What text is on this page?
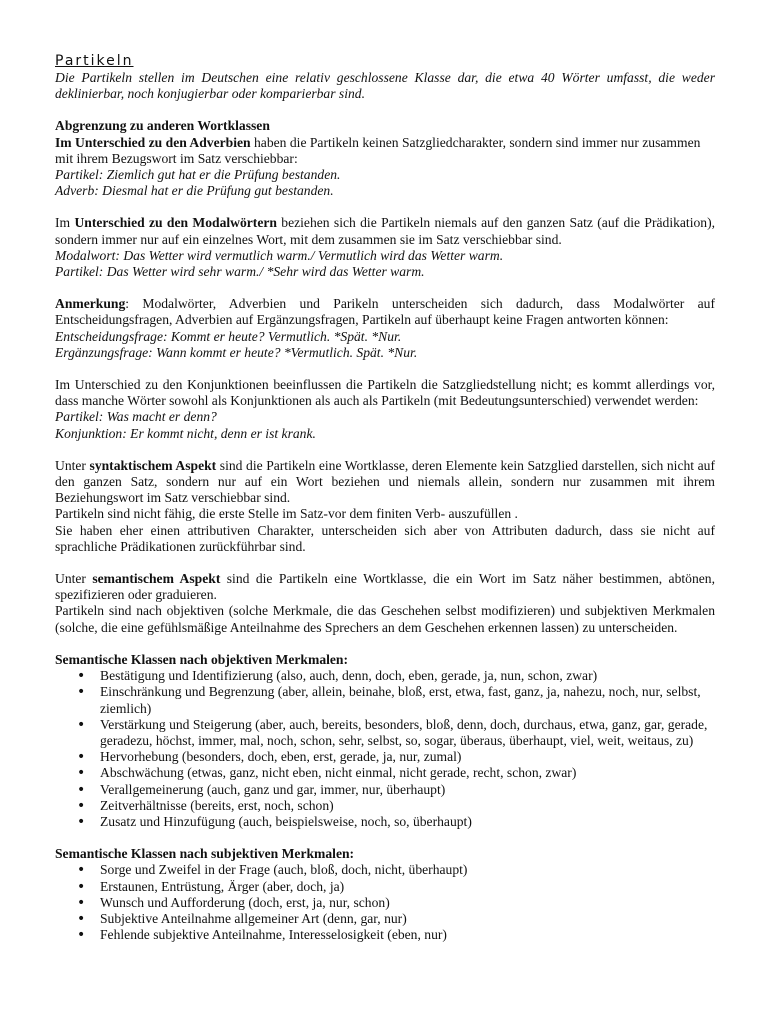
Partikeln

Die Partikeln stellen im Deutschen eine relativ geschlossene Klasse dar, die etwa 40 Wörter umfasst, die weder deklinierbar, noch konjugierbar oder komparierbar sind.

Abgrenzung zu anderen Wortklassen

Im Unterschied zu den Adverbien haben die Partikeln keinen Satzgliedcharakter, sondern sind immer nur zusammen mit ihrem Bezugswort im Satz verschiebbar:

Partikel: Ziemlich gut hat er die Prüfung bestanden.

Adverb: Diesmal hat er die Prüfung gut bestanden.

Im Unterschied zu den Modalwörtern beziehen sich die Partikeln niemals auf den ganzen Satz (auf die Prädikation), sondern immer nur auf ein einzelnes Wort, mit dem zusammen sie im Satz verschiebbar sind.

Modalwort: Das Wetter wird vermutlich warm./ Vermutlich wird das Wetter warm.

Partikel: Das Wetter wird sehr warm./ *Sehr wird das Wetter warm.

Anmerkung: Modalwörter, Adverbien und Parikeln unterscheiden sich dadurch, dass Modalwörter auf Entscheidungsfragen, Adverbien auf Ergänzungsfragen, Partikeln auf überhaupt keine Fragen antworten können:

Entscheidungsfrage: Kommt er heute? Vermutlich. *Spät. *Nur.

Ergänzungsfrage: Wann kommt er heute? *Vermutlich. Spät. *Nur.

Im Unterschied zu den Konjunktionen beeinflussen die Partikeln die Satzgliedstellung nicht; es kommt allerdings vor, dass manche Wörter sowohl als Konjunktionen als auch als Partikeln (mit Bedeutungsunterschied) verwendet werden:

Partikel: Was macht er denn?

Konjunktion: Er kommt nicht, denn er ist krank.

Unter syntaktischem Aspekt sind die Partikeln eine Wortklasse, deren Elemente kein Satzglied darstellen, sich nicht auf den ganzen Satz, sondern nur auf ein Wort beziehen und niemals allein, sondern nur zusammen mit ihrem Beziehungswort im Satz verschiebbar sind.

Partikeln sind nicht fähig, die erste Stelle im Satz-vor dem finiten Verb- auszufüllen .

Sie haben eher einen attributiven Charakter, unterscheiden sich aber von Attributen dadurch, dass sie nicht auf sprachliche Prädikationen zurückführbar sind.

Unter semantischem Aspekt sind die Partikeln eine Wortklasse, die ein Wort im Satz näher bestimmen, abtönen, spezifizieren oder graduieren.

Partikeln sind nach objektiven (solche Merkmale, die das Geschehen selbst modifizieren) und subjektiven Merkmalen (solche, die eine gefühlsmäßige Anteilnahme des Sprechers an dem Geschehen erkennen lassen) zu unterscheiden.

Semantische Klassen nach objektiven Merkmalen:

• Bestätigung und Identifizierung (also, auch, denn, doch, eben, gerade, ja, nun, schon, zwar)
• Einschränkung und Begrenzung (aber, allein, beinahe, bloß, erst, etwa, fast, ganz, ja, nahezu, noch, nur, selbst, ziemlich)
• Verstärkung und Steigerung (aber, auch, bereits, besonders, bloß, denn, doch, durchaus, etwa, ganz, gar, gerade, geradezu, höchst, immer, mal, noch, schon, sehr, selbst, so, sogar, überaus, überhaupt, viel, weit, weitaus, zu)
• Hervorhebung (besonders, doch, eben, erst, gerade, ja, nur, zumal)
• Abschwächung (etwas, ganz, nicht eben, nicht einmal, nicht gerade, recht, schon, zwar)
• Verallgemeinerung (auch, ganz und gar, immer, nur, überhaupt)
• Zeitverhältnisse (bereits, erst, noch, schon)
• Zusatz und Hinzufügung (auch, beispielsweise, noch, so, überhaupt)

Semantische Klassen nach subjektiven Merkmalen:

• Sorge und Zweifel in der Frage (auch, bloß, doch, nicht, überhaupt)
• Erstaunen, Entrüstung, Ärger (aber, doch, ja)
• Wunsch und Aufforderung (doch, erst, ja, nur, schon)
• Subjektive Anteilnahme allgemeiner Art (denn, gar, nur)
• Fehlende subjektive Anteilnahme, Interesselosigkeit (eben, nur)
